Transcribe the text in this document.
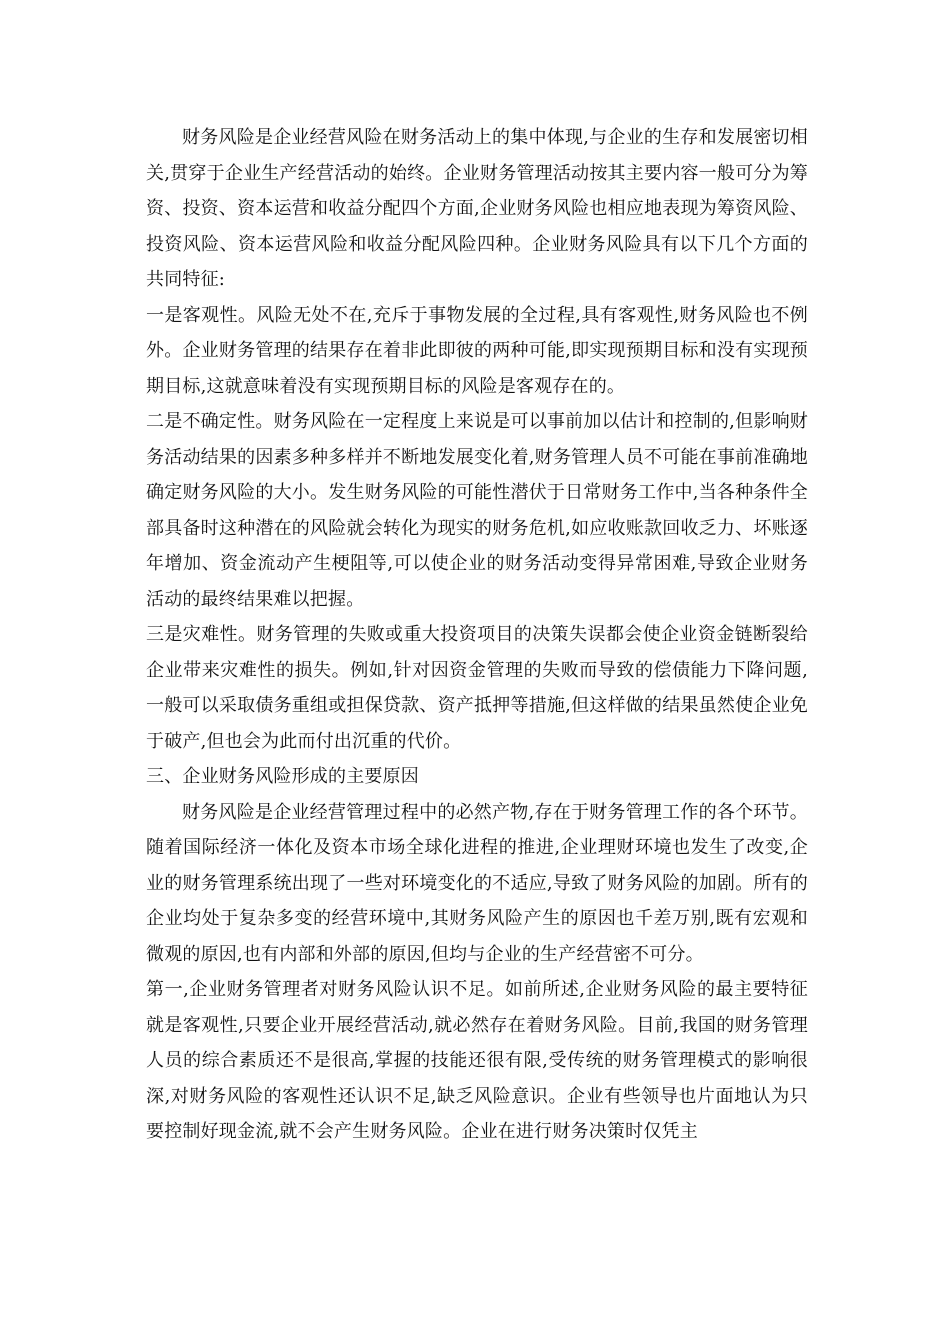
财务风险是企业经营风险在财务活动上的集中体现,与企业的生存和发展密切相关,贯穿于企业生产经营活动的始终。企业财务管理活动按其主要内容一般可分为筹资、投资、资本运营和收益分配四个方面,企业财务风险也相应地表现为筹资风险、投资风险、资本运营风险和收益分配风险四种。企业财务风险具有以下几个方面的共同特征:

一是客观性。风险无处不在,充斥于事物发展的全过程,具有客观性,财务风险也不例外。企业财务管理的结果存在着非此即彼的两种可能,即实现预期目标和没有实现预期目标,这就意味着没有实现预期目标的风险是客观存在的。

二是不确定性。财务风险在一定程度上来说是可以事前加以估计和控制的,但影响财务活动结果的因素多种多样并不断地发展变化着,财务管理人员不可能在事前准确地确定财务风险的大小。发生财务风险的可能性潜伏于日常财务工作中,当各种条件全部具备时这种潜在的风险就会转化为现实的财务危机,如应收账款回收乏力、坏账逐年增加、资金流动产生梗阻等,可以使企业的财务活动变得异常困难,导致企业财务活动的最终结果难以把握。

三是灾难性。财务管理的失败或重大投资项目的决策失误都会使企业资金链断裂给企业带来灾难性的损失。例如,针对因资金管理的失败而导致的偿债能力下降问题,一般可以采取债务重组或担保贷款、资产抵押等措施,但这样做的结果虽然使企业免于破产,但也会为此而付出沉重的代价。

三、企业财务风险形成的主要原因

财务风险是企业经营管理过程中的必然产物,存在于财务管理工作的各个环节。随着国际经济一体化及资本市场全球化进程的推进,企业理财环境也发生了改变,企业的财务管理系统出现了一些对环境变化的不适应,导致了财务风险的加剧。所有的企业均处于复杂多变的经营环境中,其财务风险产生的原因也千差万别,既有宏观和微观的原因,也有内部和外部的原因,但均与企业的生产经营密不可分。

第一,企业财务管理者对财务风险认识不足。如前所述,企业财务风险的最主要特征就是客观性,只要企业开展经营活动,就必然存在着财务风险。目前,我国的财务管理人员的综合素质还不是很高,掌握的技能还很有限,受传统的财务管理模式的影响很深,对财务风险的客观性还认识不足,缺乏风险意识。企业有些领导也片面地认为只要控制好现金流,就不会产生财务风险。企业在进行财务决策时仅凭主
